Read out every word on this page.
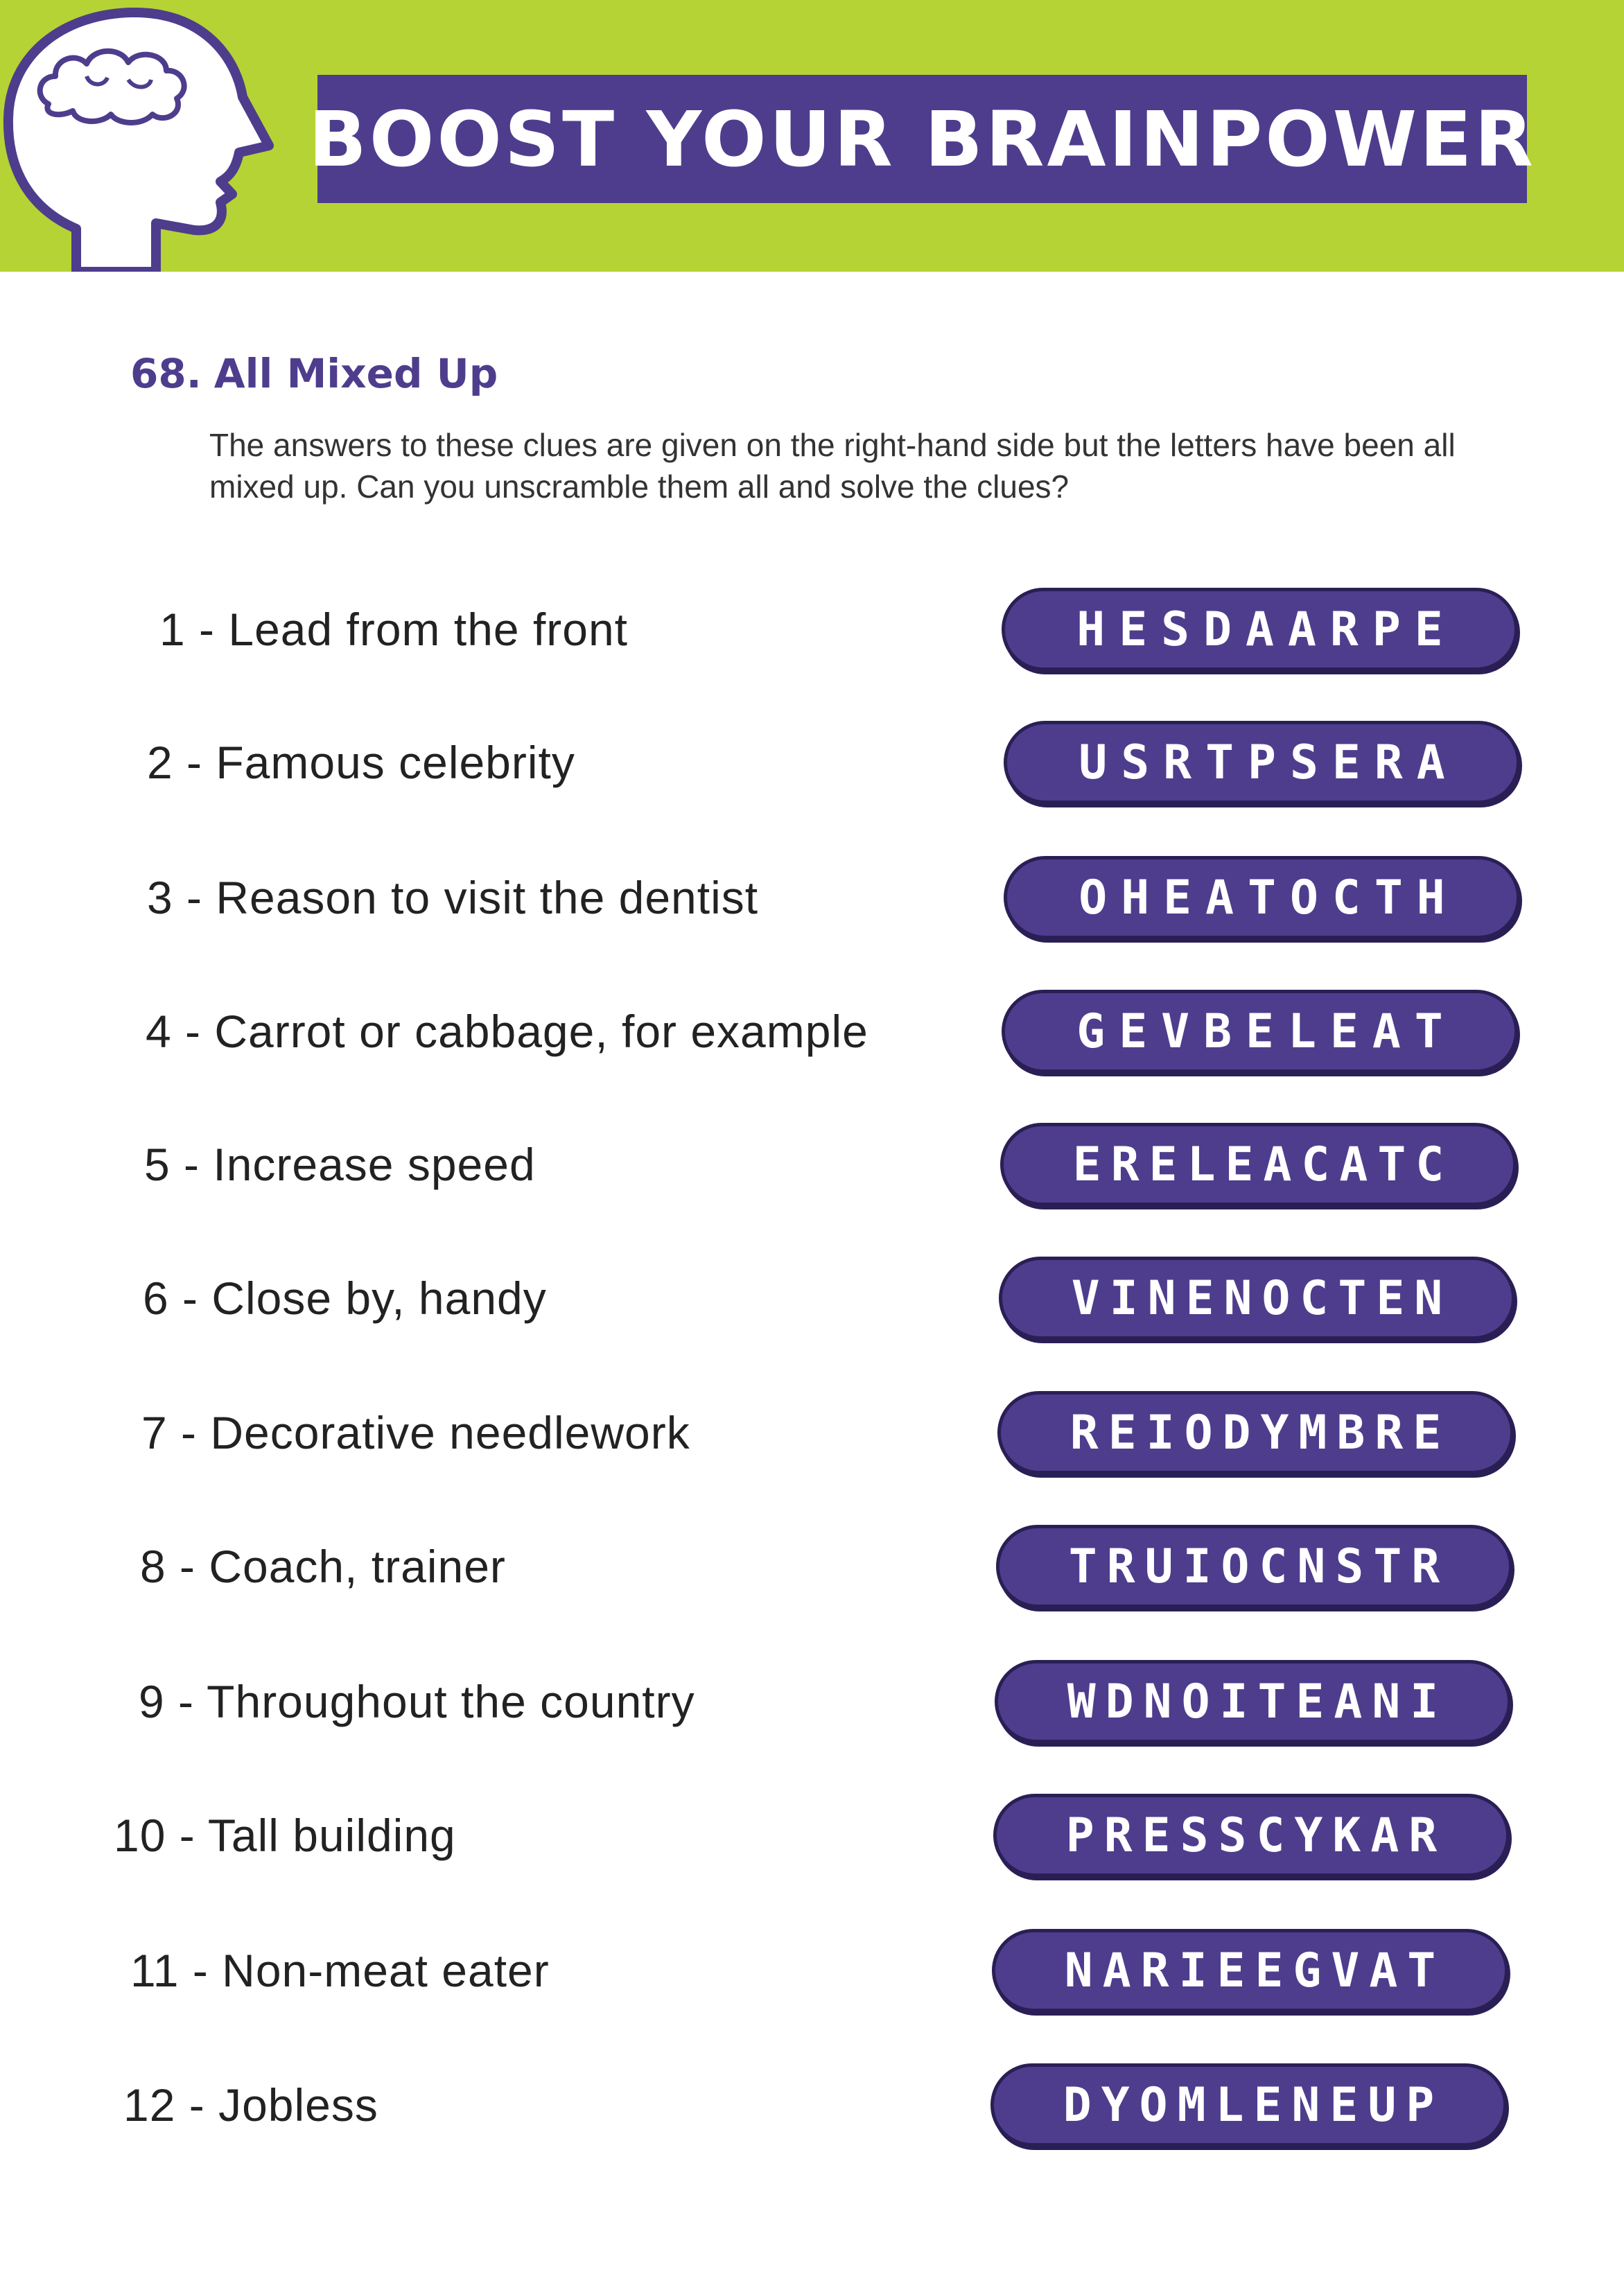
BOOST YOUR BRAINPOWER
68. All Mixed Up
The answers to these clues are given on the right-hand side but the letters have been all mixed up. Can you unscramble them all and solve the clues?
1 - Lead from the front	HESDAARPE
2 - Famous celebrity	USRTPSERA
3 - Reason to visit the dentist	OHEATOCTH
4 - Carrot or cabbage, for example	GEVBELEAT
5 - Increase speed	ERELEACATC
6 - Close by, handy	VINENOCTEN
7 - Decorative needlework	REIODYMBRE
8 - Coach, trainer	TRUIOCNSTR
9 - Throughout the country	WDNOITEANI
10 - Tall building	PRESSCYKAR
11 - Non-meat eater	NARIEEGVAT
12 - Jobless	DYOMLENEUP
